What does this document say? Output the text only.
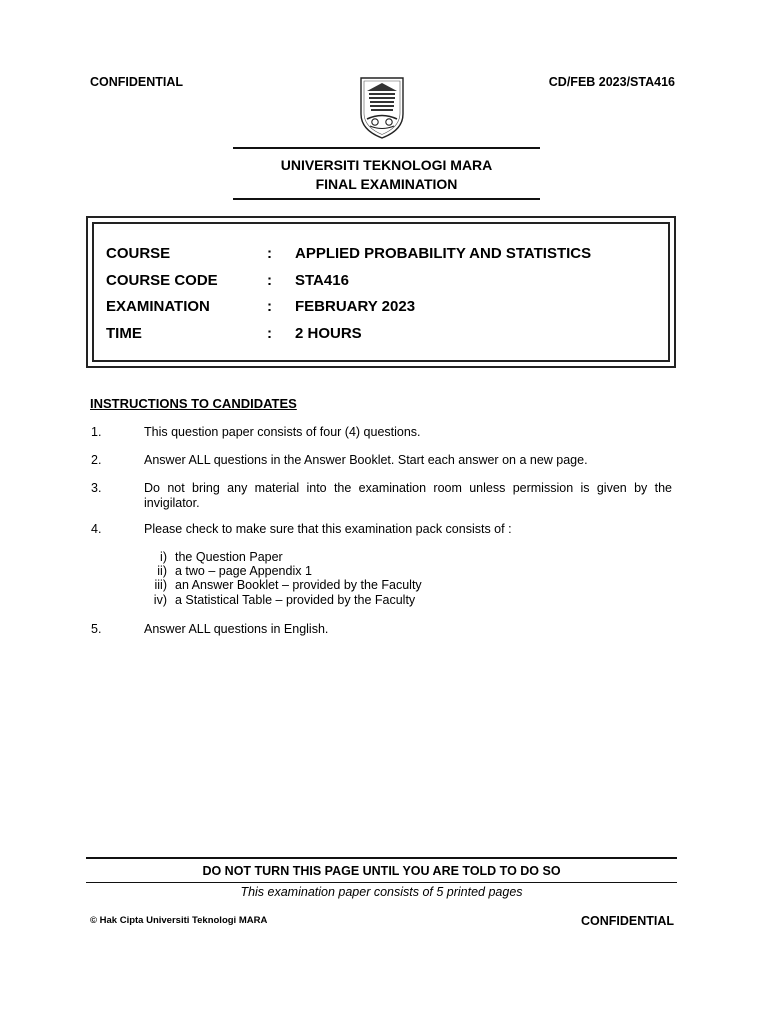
CONFIDENTIAL	CD/FEB 2023/STA416
UNIVERSITI TEKNOLOGI MARA
FINAL EXAMINATION
COURSE	: APPLIED PROBABILITY AND STATISTICS
COURSE CODE	: STA416
EXAMINATION	: FEBRUARY 2023
TIME	: 2 HOURS
INSTRUCTIONS TO CANDIDATES
1.	This question paper consists of four (4) questions.
2.	Answer ALL questions in the Answer Booklet. Start each answer on a new page.
3.	Do not bring any material into the examination room unless permission is given by the invigilator.
4.	Please check to make sure that this examination pack consists of :
i) the Question Paper
ii) a two – page Appendix 1
iii) an Answer Booklet – provided by the Faculty
iv) a Statistical Table – provided by the Faculty
5.	Answer ALL questions in English.
DO NOT TURN THIS PAGE UNTIL YOU ARE TOLD TO DO SO
This examination paper consists of 5 printed pages
© Hak Cipta Universiti Teknologi MARA	CONFIDENTIAL
